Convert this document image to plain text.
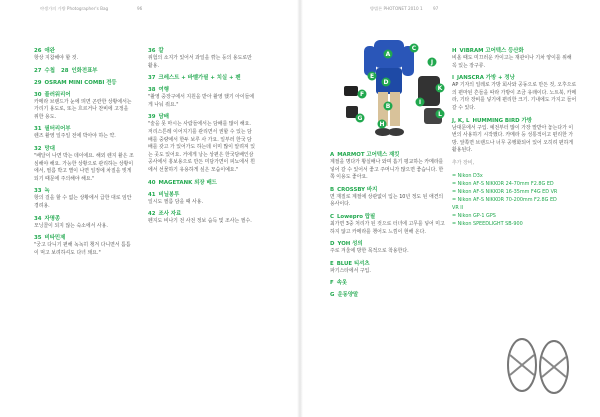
야생가의 가방 Photographer's Bag	96	방법론 PHOTONET 2010 1 97
26 애완
항상 지참해야 할 것.
27 수첩 28 인화전표부
29 OSRAM MINI COMBI 전등
30 플러워리어
카메라 브랜드가 눈에 띄면 곤란한 상황에서는 가리기 용도로, 또는 흐르거나 찬비에 고정을 위한 용도.
31 필터리어부
렌즈 촬영 일주일 전에 박아야 하는 약.
32 망대
"배달이 나면 박는 데이에요. 해외 렌지 촬은 조심해야 해요. 가능한 상황으로 관리하는 상황이에서, 필름 박고 별이 나면 일정에 차질을 빚게 되기 때문에 주의해야 해요."
33 녹
항의 걸을 할 수 없는 상황에서 급한 대로 임안경려용.
34 자명종
모닝콜이 되지 않는 숙소에서 사용.
35 비타민제
"궁고 다니기 편해 녹녹히 챙겨 다니면서 틈틈이 먹고 보려하셔도 다녀 돼요."
36 칼
위험의 소지가 있어서 과일을 깎는 등의 용도로만 활용.
37 크레스트 + 바벨가필 + 치실 + 펜
38 여행
"촬영 중장구에서 지원을 받아 촬영 했기 아이들에게 나눠 줘요."
39 담배
"술을 못 마시는 사람들에서는 담배를 많이 해요. 저리스튼레 이어지기를 관리면서 권할 수 있는 담배를 중량에서 한두 보루 사 가요. 일부러 한국 담배를 갖고 가 있어가도 하는데 이미 많이 알려져 있는 곳도 있어요. 거에게 낭는 상편은 한국담배인삼공사에서 홍보용으로 만든 미담가면이 피뇨에서 흰에서 선물하기 유용하게 싶은 모습이예요."
40 MAGETANK 외장 배드
41 비닐봉투
일시도 필름 담을 때 사용.
42 조사 자료
펜지도 비나기 전 사전 정보 습득 및 조사는 필수.
A
B
C
D
E
F
G
H
I
J
K
L
A MARMOT 고어텍스 재킷
계절을 명다가 황실배나 와며 흡기 평교하는 카메라를 넣어 갈 수 있어서 좋고 주머니가 많으면 좋습니다. 한 쪽 이용도 좋아요.
B CROSSBY 바지
면 재질로 계절에 상관없이 입는 10년 정도 된 애견의 용사이다.
C Lowepro 랍필
최가면 3중 처리가 된 것으로 터녀에 고무를 넣어 미고하지 않고 카메라를 챙어도 느낌이 현해 온다.
D YOH 성의
주로 겨울에 방한 목적으로 착용한다.
E BLUE 티셔츠
파기스타에서 구입.
F 속옷
G 운동양말
H VIBRAM 고어텍스 등산화
비올 때도 미끄러운 카이고는 재관이나 기차 양이를 위해 꼭 있는 장구류.
I JANSCRA 가방 + 정낭
AP 기자의 일레로 가방 회사와 공동으로 만든 것, 오후으로의 편마된 흔들을 따라 가방이 조금 유래이다. 노트북, 카메라, 기타 장비를 넣기에 편리한 크기. 기내에도 가지고 들어갈 수 있다.
J, K, L HUMMING BIRD 가방
남대문에서 구입. 예전부터 많이 가장 말받아 놓는다가 이번의 사용하기 시작했다. 카메라 등 성통적이고 편리한 가방. 앞쪽면 브랜드나 너무 공행화되어 있어 오히려 편하게 활용된다.
추가 장비,
= Nikon D3x
= Nikon AF-S NIKKOR 24-70mm F2.8G ED
= Nikon AF-S NIKKOR 16-35mm F4G ED VR
= Nikon AF-S NIKKOR 70-200mm F2.8G ED
VR II
= Nikon GP-1 GPS
= Nikon SPEEDLIGHT SB-900
